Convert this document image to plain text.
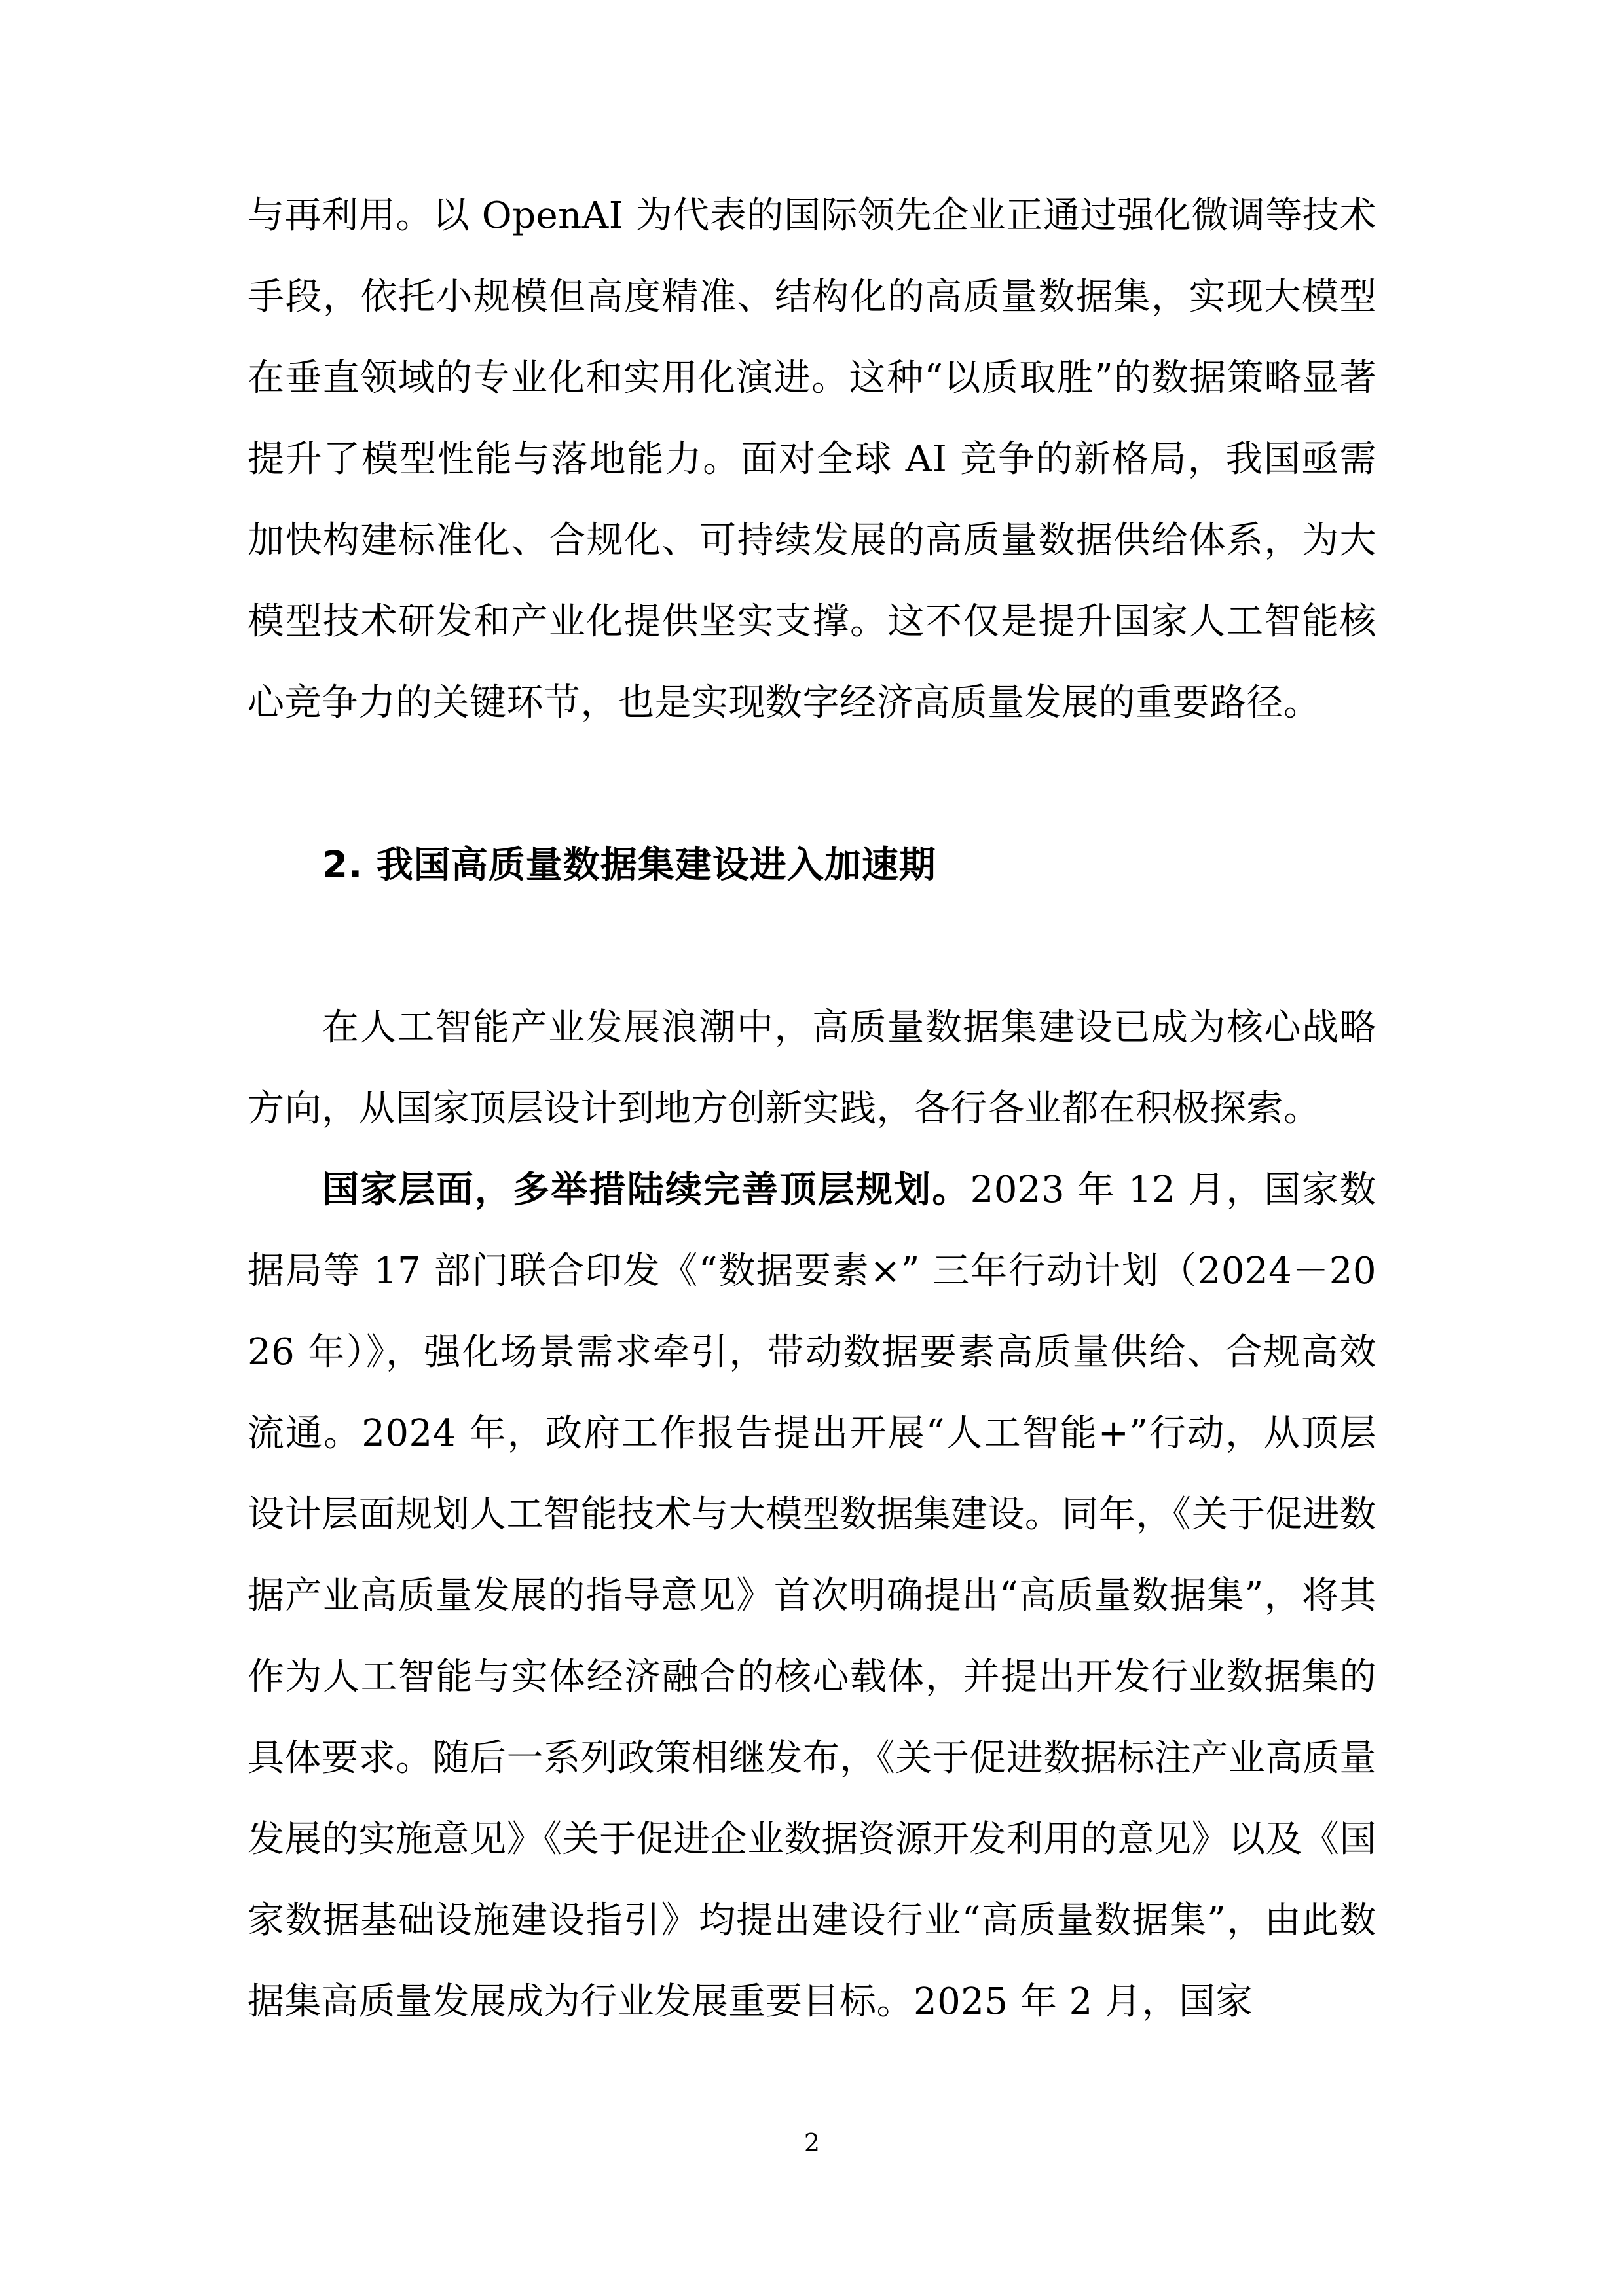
与再利用。以 OpenAI 为代表的国际领先企业正通过强化微调等技术手段，依托小规模但高度精准、结构化的高质量数据集，实现大模型在垂直领域的专业化和实用化演进。这种“以质取胜”的数据策略显著提升了模型性能与落地能力。面对全球 AI 竞争的新格局，我国亟需加快构建标准化、合规化、可持续发展的高质量数据供给体系，为大模型技术研发和产业化提供坚实支撑。这不仅是提升国家人工智能核心竞争力的关键环节，也是实现数字经济高质量发展的重要路径。

2. 我国高质量数据集建设进入加速期

在人工智能产业发展浪潮中，高质量数据集建设已成为核心战略方向，从国家顶层设计到地方创新实践，各行各业都在积极探索。

国家层面，多举措陆续完善顶层规划。2023 年 12 月，国家数据局等 17 部门联合印发《“数据要素×” 三年行动计划（2024－2026 年）》，强化场景需求牵引，带动数据要素高质量供给、合规高效流通。2024 年，政府工作报告提出开展“人工智能+”行动，从顶层设计层面规划人工智能技术与大模型数据集建设。同年，《关于促进数据产业高质量发展的指导意见》首次明确提出“高质量数据集”，将其作为人工智能与实体经济融合的核心载体，并提出开发行业数据集的具体要求。随后一系列政策相继发布，《关于促进数据标注产业高质量发展的实施意见》《关于促进企业数据资源开发利用的意见》以及《国家数据基础设施建设指引》均提出建设行业“高质量数据集”，由此数据集高质量发展成为行业发展重要目标。2025 年 2 月，国家

2
